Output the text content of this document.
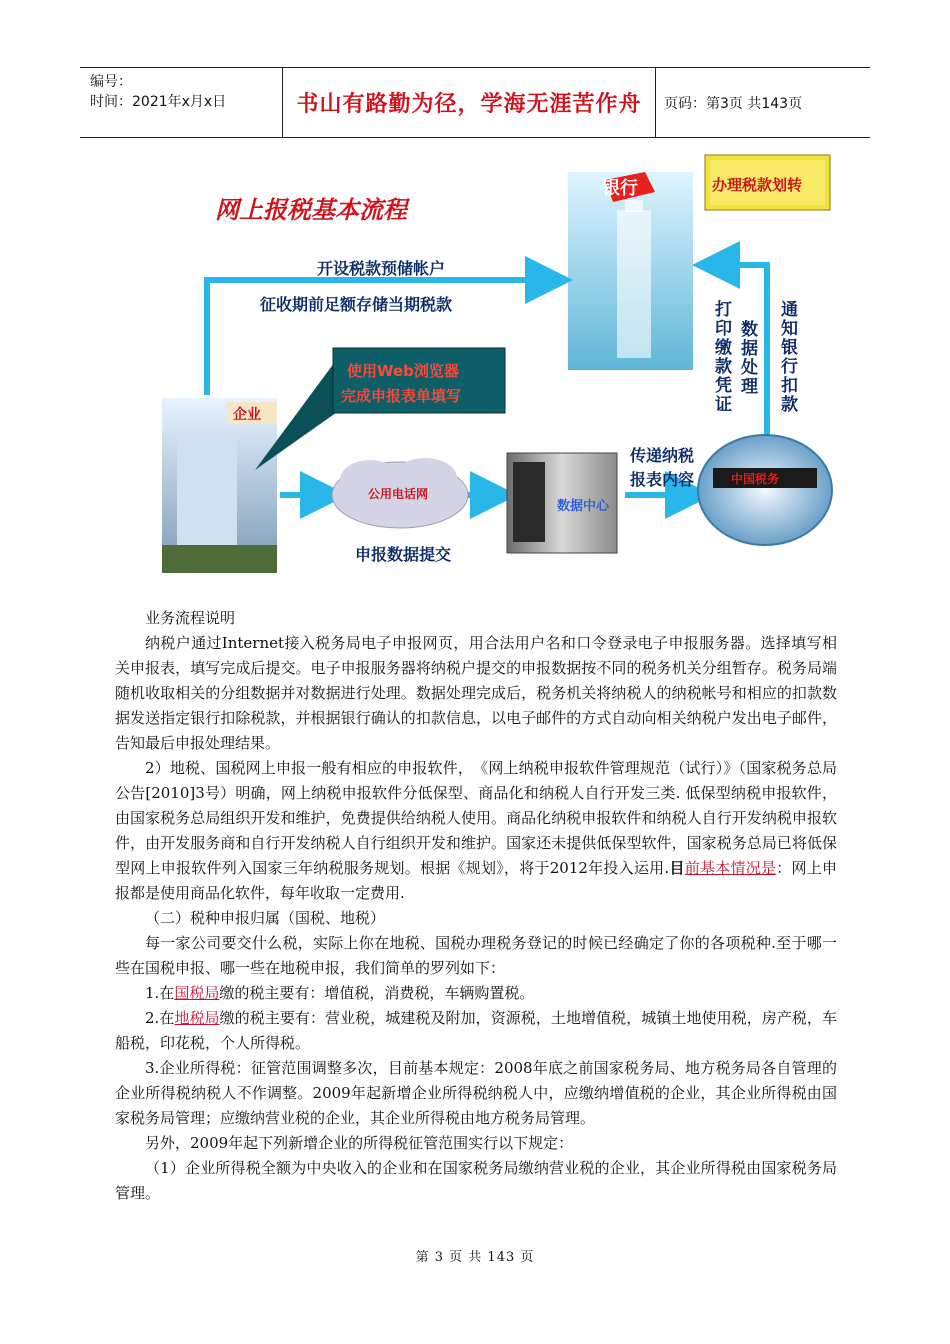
编号：
时间：2021年x月x日	书山有路勤为径，学海无涯苦作舟	页码：第3页 共143页
网上报税基本流程
银行	办理税款划转
开设税款预储帐户
征收期前足额存储当期税款
使用Web浏览器
完成申报表单填写
企业
公用电话网
数据中心
申报数据提交
传递纳税
报表内容	中国税务
打印缴款凭证 数据处理 通知银行扣款

业务流程说明

纳税户通过Internet接入税务局电子申报网页，用合法用户名和口令登录电子申报服务器。选择填写相关申报表，填写完成后提交。电子申报服务器将纳税户提交的申报数据按不同的税务机关分组暂存。税务局端随机收取相关的分组数据并对数据进行处理。数据处理完成后，税务机关将纳税人的纳税帐号和相应的扣款数据发送指定银行扣除税款，并根据银行确认的扣款信息，以电子邮件的方式自动向相关纳税户发出电子邮件，告知最后申报处理结果。

2）地税、国税网上申报一般有相应的申报软件，　《网上纳税申报软件管理规范（试行）》（国家税务总局公告[2010]3号）明确，网上纳税申报软件分低保型、商品化和纳税人自行开发三类. 低保型纳税申报软件，由国家税务总局组织开发和维护，免费提供给纳税人使用。商品化纳税申报软件和纳税人自行开发纳税申报软件，由开发服务商和自行开发纳税人自行组织开发和维护。国家还未提供低保型软件，国家税务总局已将低保型网上申报软件列入国家三年纳税服务规划。根据《规划》，将于2012年投入运用.目前基本情况是：网上申报都是使用商品化软件，每年收取一定费用.

（二）税种申报归属（国税、地税）

每一家公司要交什么税，实际上你在地税、国税办理税务登记的时候已经确定了你的各项税种.至于哪一些在国税申报、哪一些在地税申报，我们简单的罗列如下：

1.在国税局缴的税主要有：增值税，消费税，车辆购置税。

2.在地税局缴的税主要有：营业税，城建税及附加，资源税，土地增值税，城镇土地使用税，房产税，车船税，印花税，个人所得税。

3.企业所得税：征管范围调整多次，目前基本规定：2008年底之前国家税务局、地方税务局各自管理的企业所得税纳税人不作调整。2009年起新增企业所得税纳税人中，应缴纳增值税的企业，其企业所得税由国家税务局管理；应缴纳营业税的企业，其企业所得税由地方税务局管理。

另外，2009年起下列新增企业的所得税征管范围实行以下规定：

（1）企业所得税全额为中央收入的企业和在国家税务局缴纳营业税的企业，其企业所得税由国家税务局管理。

第 3 页 共 143 页
